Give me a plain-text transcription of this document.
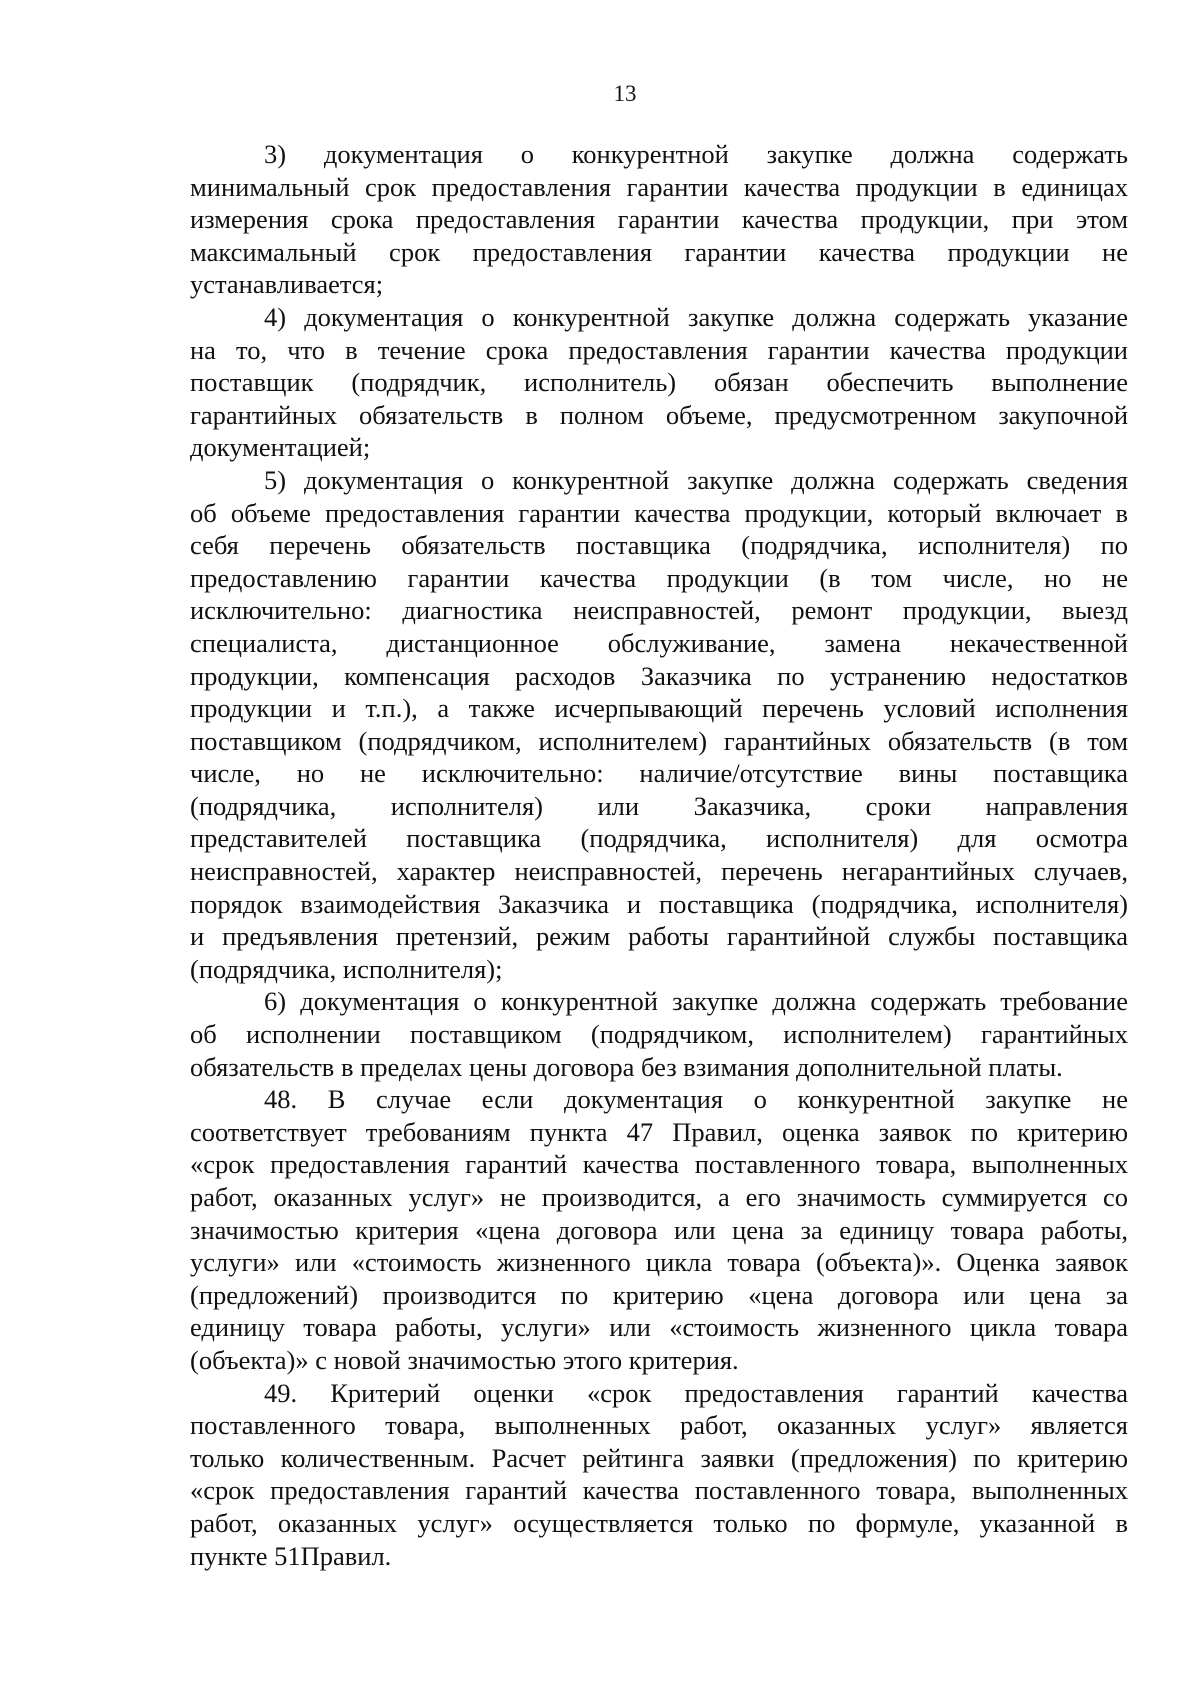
13
3) документация о конкурентной закупке должна содержать
минимальный срок предоставления гарантии качества продукции в единицах
измерения срока предоставления гарантии качества продукции, при этом
максимальный срок предоставления гарантии качества продукции не
устанавливается;
4) документация о конкурентной закупке должна содержать указание
на то, что в течение срока предоставления гарантии качества продукции
поставщик (подрядчик, исполнитель) обязан обеспечить выполнение
гарантийных обязательств в полном объеме, предусмотренном закупочной
документацией;
5) документация о конкурентной закупке должна содержать сведения
об объеме предоставления гарантии качества продукции, который включает в
себя перечень обязательств поставщика (подрядчика, исполнителя) по
предоставлению гарантии качества продукции (в том числе, но не
исключительно: диагностика неисправностей, ремонт продукции, выезд
специалиста, дистанционное обслуживание, замена некачественной
продукции, компенсация расходов Заказчика по устранению недостатков
продукции и т.п.), а также исчерпывающий перечень условий исполнения
поставщиком (подрядчиком, исполнителем) гарантийных обязательств (в том
числе, но не исключительно: наличие/отсутствие вины поставщика
(подрядчика, исполнителя) или Заказчика, сроки направления
представителей поставщика (подрядчика, исполнителя) для осмотра
неисправностей, характер неисправностей, перечень негарантийных случаев,
порядок взаимодействия Заказчика и поставщика (подрядчика, исполнителя)
и предъявления претензий, режим работы гарантийной службы поставщика
(подрядчика, исполнителя);
6) документация о конкурентной закупке должна содержать требование
об исполнении поставщиком (подрядчиком, исполнителем) гарантийных
обязательств в пределах цены договора без взимания дополнительной платы.
48. В случае если документация о конкурентной закупке не
соответствует требованиям пункта 47 Правил, оценка заявок по критерию
«срок предоставления гарантий качества поставленного товара, выполненных
работ, оказанных услуг» не производится, а его значимость суммируется со
значимостью критерия «цена договора или цена за единицу товара работы,
услуги» или «стоимость жизненного цикла товара (объекта)». Оценка заявок
(предложений) производится по критерию «цена договора или цена за
единицу товара работы, услуги» или «стоимость жизненного цикла товара
(объекта)» с новой значимостью этого критерия.
49. Критерий оценки «срок предоставления гарантий качества
поставленного товара, выполненных работ, оказанных услуг» является
только количественным. Расчет рейтинга заявки (предложения) по критерию
«срок предоставления гарантий качества поставленного товара, выполненных
работ, оказанных услуг» осуществляется только по формуле, указанной в
пункте 51Правил.
